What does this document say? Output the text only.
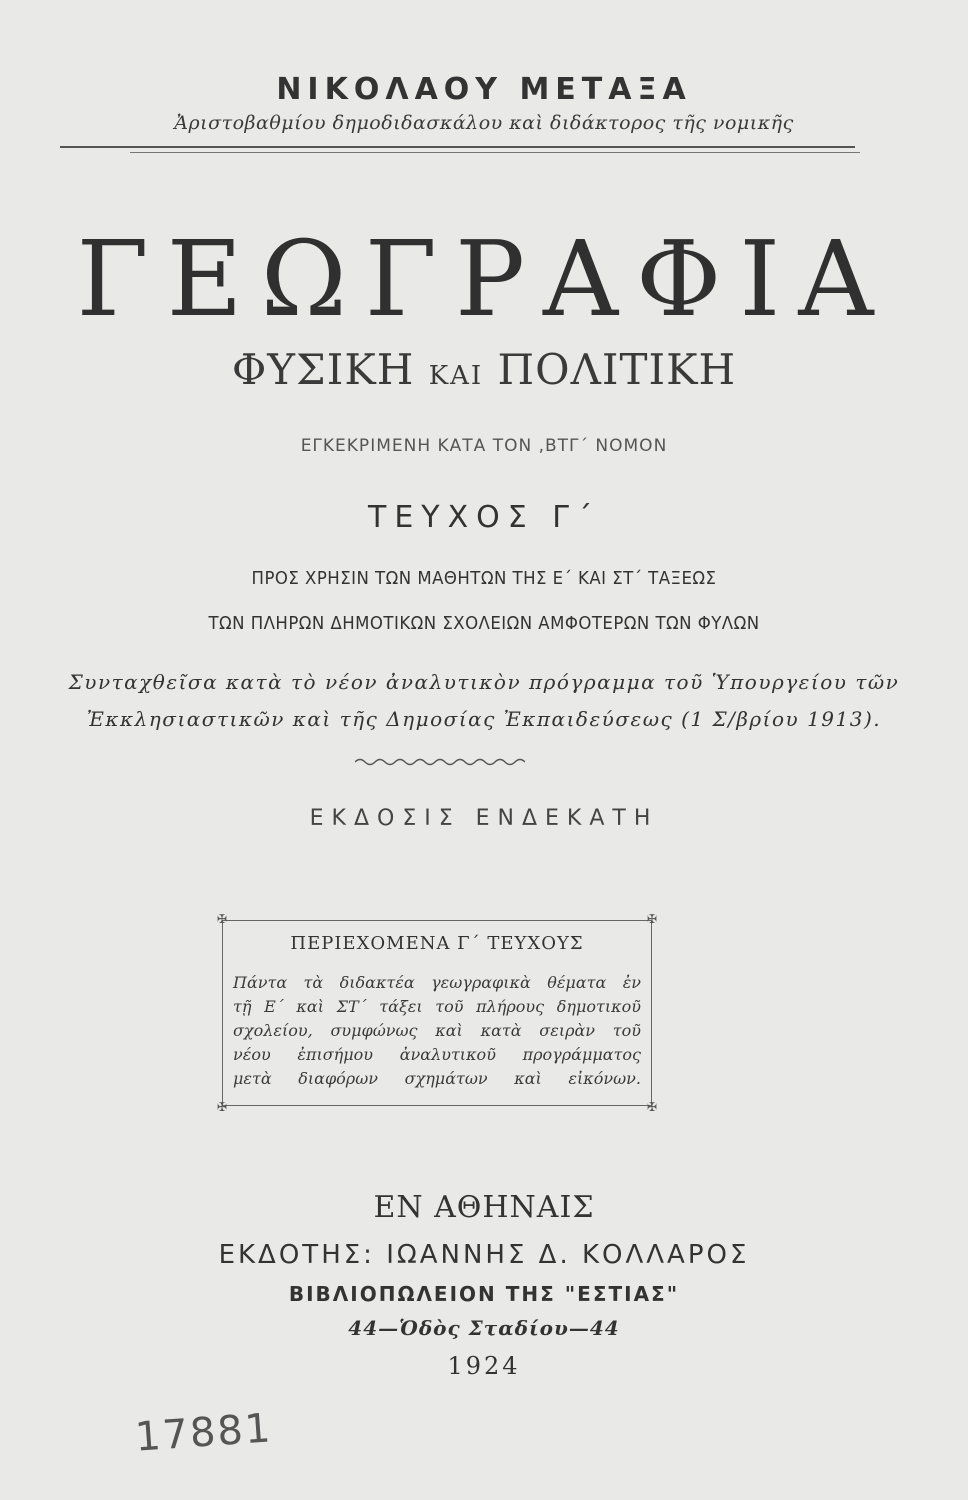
ΝΙΚΟΛΑΟΥ ΜΕΤΑΞΑ
Ἀριστοβαθμίου δημοδιδασκάλου καὶ διδάκτορος τῆς νομικῆς
ΓΕΩΓΡΑΦΙΑ
ΦΥΣΙΚΗ ΚΑΙ ΠΟΛΙΤΙΚΗ
ΕΓΚΕΚΡΙΜΕΝΗ ΚΑΤΑ ΤΟΝ ,ΒΤΓ΄ ΝΟΜΟΝ
ΤΕΥΧΟΣ Γ΄
ΠΡΟΣ ΧΡΗΣΙΝ ΤΩΝ ΜΑΘΗΤΩΝ ΤΗΣ Ε΄ ΚΑΙ ΣΤ΄ ΤΑΞΕΩΣ
ΤΩΝ ΠΛΗΡΩΝ ΔΗΜΟΤΙΚΩΝ ΣΧΟΛΕΙΩΝ ΑΜΦΟΤΕΡΩΝ ΤΩΝ ΦΥΛΩΝ
Συνταχθεῖσα κατὰ τὸ νέον ἀναλυτικὸν πρόγραμμα τοῦ Ὑπουργείου τῶν
Ἐκκλησιαστικῶν καὶ τῆς Δημοσίας Ἐκπαιδεύσεως (1 Σ/βρίου 1913).
ΕΚΔΟΣΙΣ ΕΝΔΕΚΑΤΗ
✠	✠
✠	✠
ΠΕΡΙΕΧΟΜΕΝΑ Γ΄ ΤΕΥΧΟΥΣ
Πάντα τὰ διδακτέα γεωγραφικὰ θέματα ἐν
τῇ Ε΄ καὶ ΣΤ΄ τάξει τοῦ πλήρους δημοτικοῦ
σχολείου, συμφώνως καὶ κατὰ σειρὰν τοῦ
νέου ἐπισήμου ἀναλυτικοῦ προγράμματος
μετὰ διαφόρων σχημάτων καὶ εἰκόνων.
ΕΝ ΑΘΗΝΑΙΣ
ΕΚΔΟΤΗΣ: ΙΩΑΝΝΗΣ Δ. ΚΟΛΛΑΡΟΣ
ΒΙΒΛΙΟΠΩΛΕΙΟΝ ΤΗΣ "ΕΣΤΙΑΣ"
44—Ὁδὸς Σταδίου—44
1924
17881
